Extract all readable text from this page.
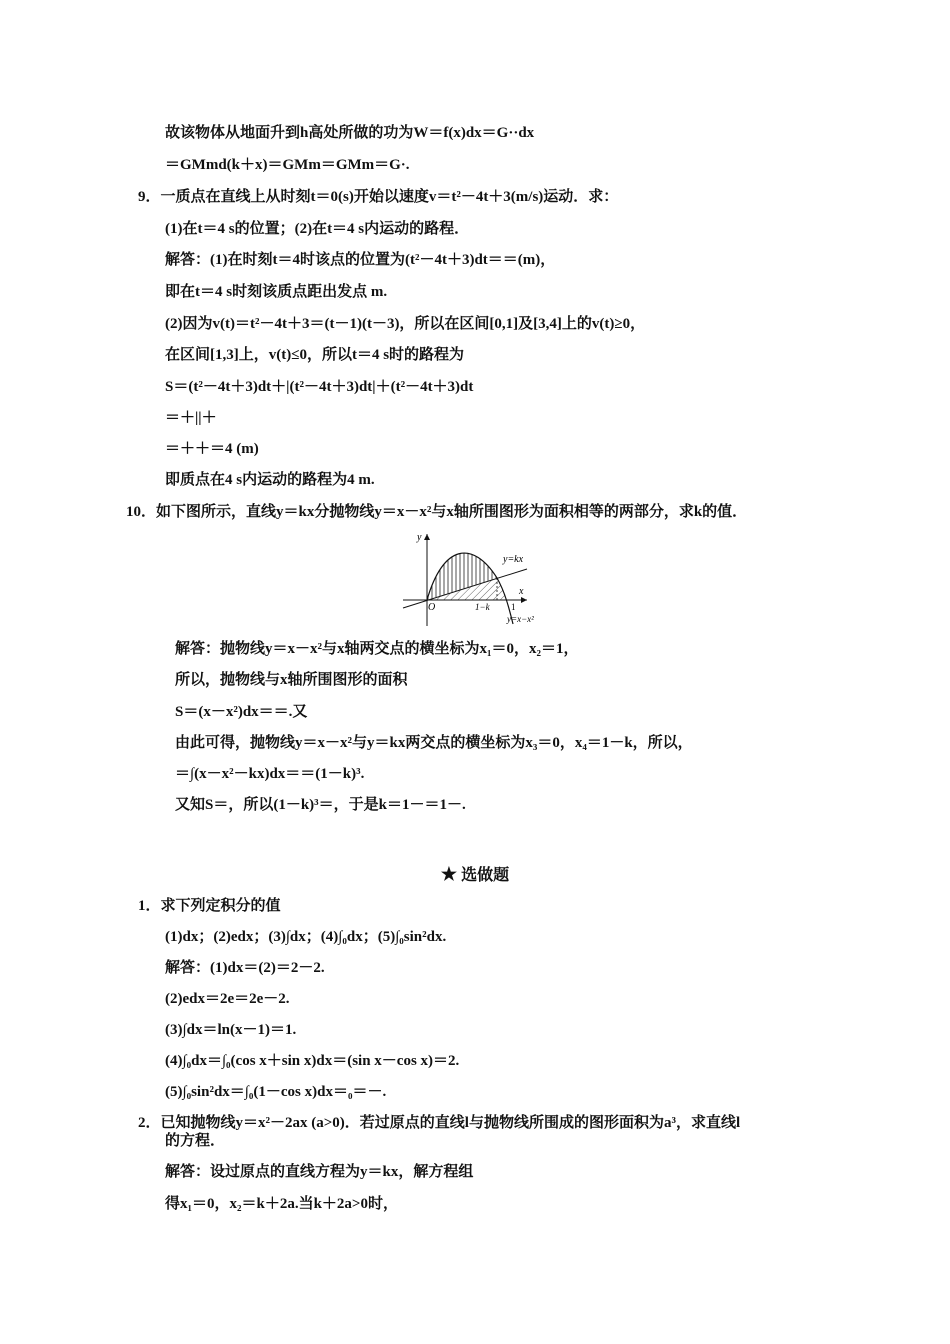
故该物体从地面升到h高处所做的功为W＝f(x)dx＝G··dx
＝GMmd(k＋x)＝GMm＝GMm＝G·.
9．一质点在直线上从时刻t＝0(s)开始以速度v＝t²－4t＋3(m/s)运动．求：
(1)在t＝4 s的位置；(2)在t＝4 s内运动的路程．
解答：(1)在时刻t＝4时该点的位置为(t²－4t＋3)dt＝＝(m)，
即在t＝4 s时刻该质点距出发点 m.
(2)因为v(t)＝t²－4t＋3＝(t－1)(t－3)，所以在区间[0,1]及[3,4]上的v(t)≥0，
在区间[1,3]上，v(t)≤0，所以t＝4 s时的路程为
S＝(t²－4t＋3)dt＋|(t²－4t＋3)dt|＋(t²－4t＋3)dt
＝＋||＋
＝＋＋＝4 (m)
即质点在4 s内运动的路程为4 m.
10．如下图所示，直线y＝kx分抛物线y＝x－x²与x轴所围图形为面积相等的两部分，求k的值．
y
x
O
y=kx
1−k 1
y=x−x²
解答：抛物线y＝x－x²与x轴两交点的横坐标为x₁＝0，x₂＝1，
所以，抛物线与x轴所围图形的面积
S＝(x－x²)dx＝＝.又
由此可得，抛物线y＝x－x²与y＝kx两交点的横坐标为x₃＝0，x₄＝1－k，所以，
＝∫(x－x²－kx)dx＝＝(1－k)³.
又知S＝，所以(1－k)³＝，于是k＝1－＝1－.
★ 选做题
1．求下列定积分的值
(1)dx；(2)edx；(3)∫dx；(4)∫₀dx；(5)∫₀sin²dx.
解答：(1)dx＝(2)＝2－2.
(2)edx＝2e＝2e－2.
(3)∫dx＝ln(x－1)＝1.
(4)∫₀dx＝∫₀(cos x＋sin x)dx＝(sin x－cos x)＝2.
(5)∫₀sin²dx＝∫₀(1－cos x)dx＝₀＝－.
2．已知抛物线y＝x²－2ax (a>0)．若过原点的直线l与抛物线所围成的图形面积为a³，求直线l
的方程．
解答：设过原点的直线方程为y＝kx，解方程组
得x₁＝0，x₂＝k＋2a.当k＋2a>0时，
